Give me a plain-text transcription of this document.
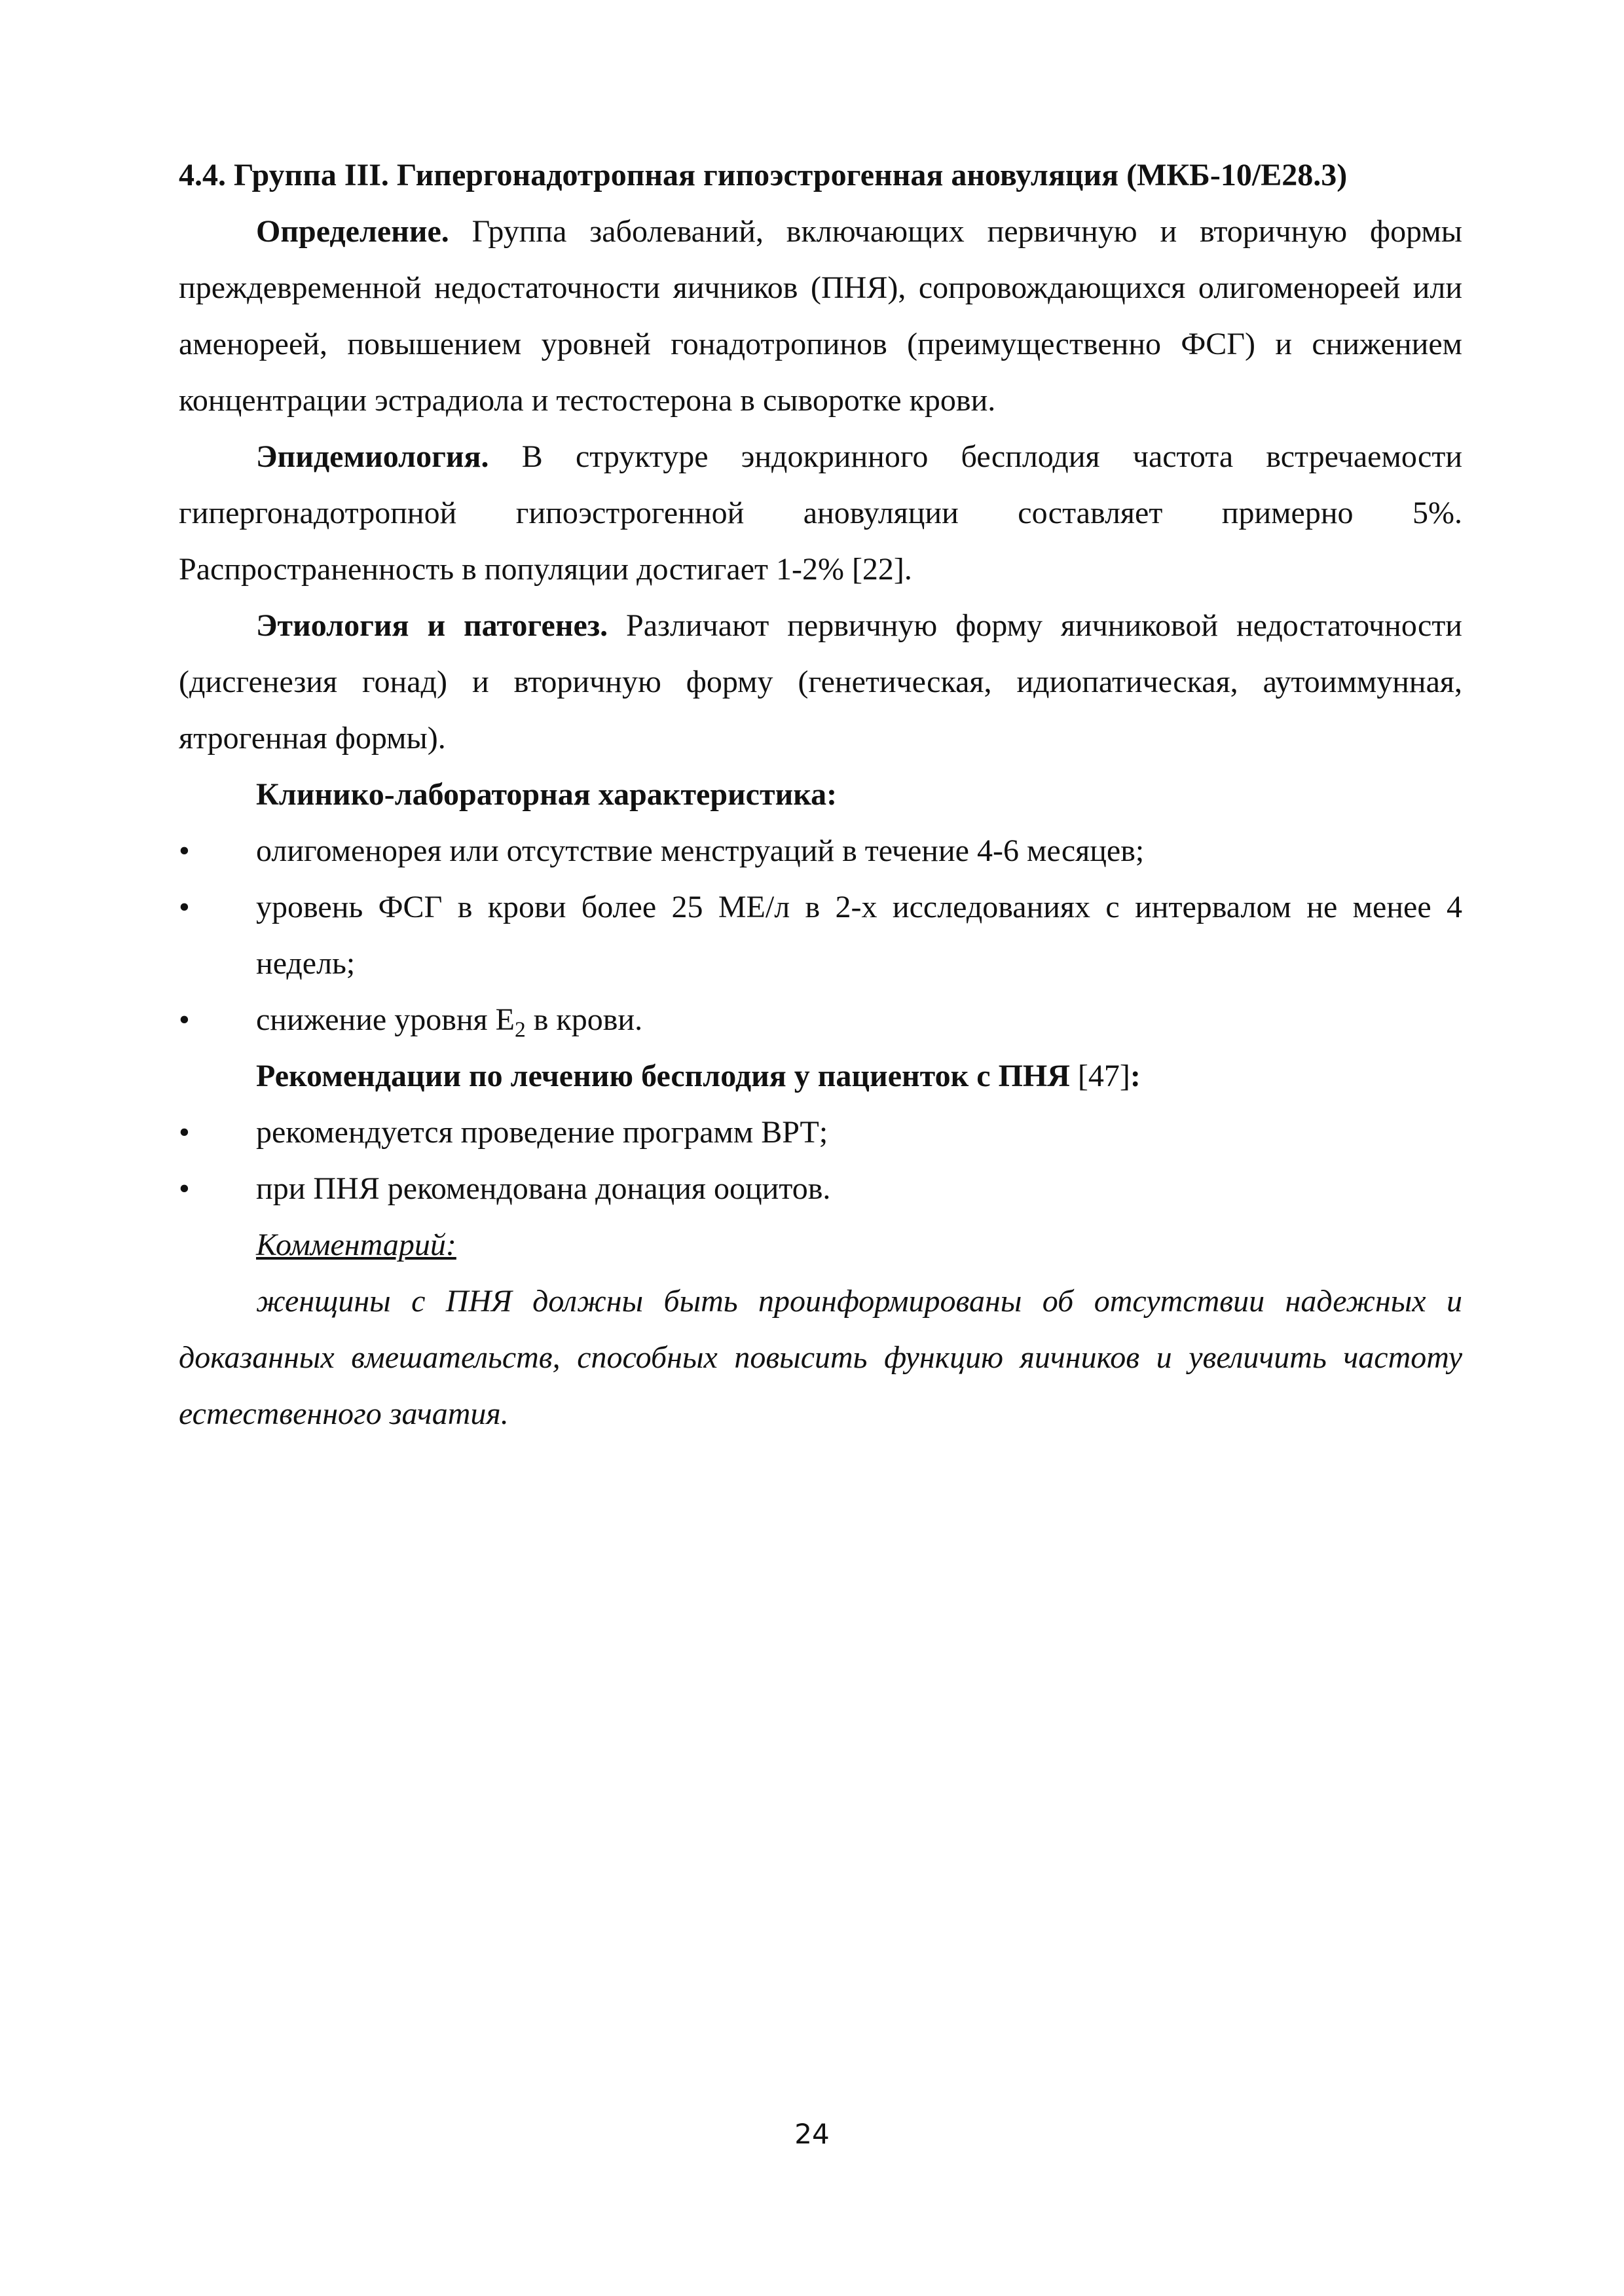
4.4. Группа III. Гипергонадотропная гипоэстрогенная ановуляция (МКБ-10/E28.3)

Определение. Группа заболеваний, включающих первичную и вторичную формы преждевременной недостаточности яичников (ПНЯ), сопровождающихся олигоменореей или аменореей, повышением уровней гонадотропинов (преимущественно ФСГ) и снижением концентрации эстрадиола и тестостерона в сыворотке крови.

Эпидемиология. В структуре эндокринного бесплодия частота встречаемости гипергонадотропной гипоэстрогенной ановуляции составляет примерно 5%. Распространенность в популяции достигает 1-2% [22].

Этиология и патогенез. Различают первичную форму яичниковой недостаточности (дисгенезия гонад) и вторичную форму (генетическая, идиопатическая, аутоиммунная, ятрогенная формы).

Клинико-лабораторная характеристика:

• олигоменорея или отсутствие менструаций в течение 4-6 месяцев;
• уровень ФСГ в крови более 25 МЕ/л в 2-х исследованиях с интервалом не менее 4 недель;
• снижение уровня $E_2$ в крови.

Рекомендации по лечению бесплодия у пациенток с ПНЯ [47]:

• рекомендуется проведение программ ВРТ;
• при ПНЯ рекомендована донация ооцитов.

Комментарий:

женщины с ПНЯ должны быть проинформированы об отсутствии надежных и доказанных вмешательств, способных повысить функцию яичников и увеличить частоту естественного зачатия.

24
